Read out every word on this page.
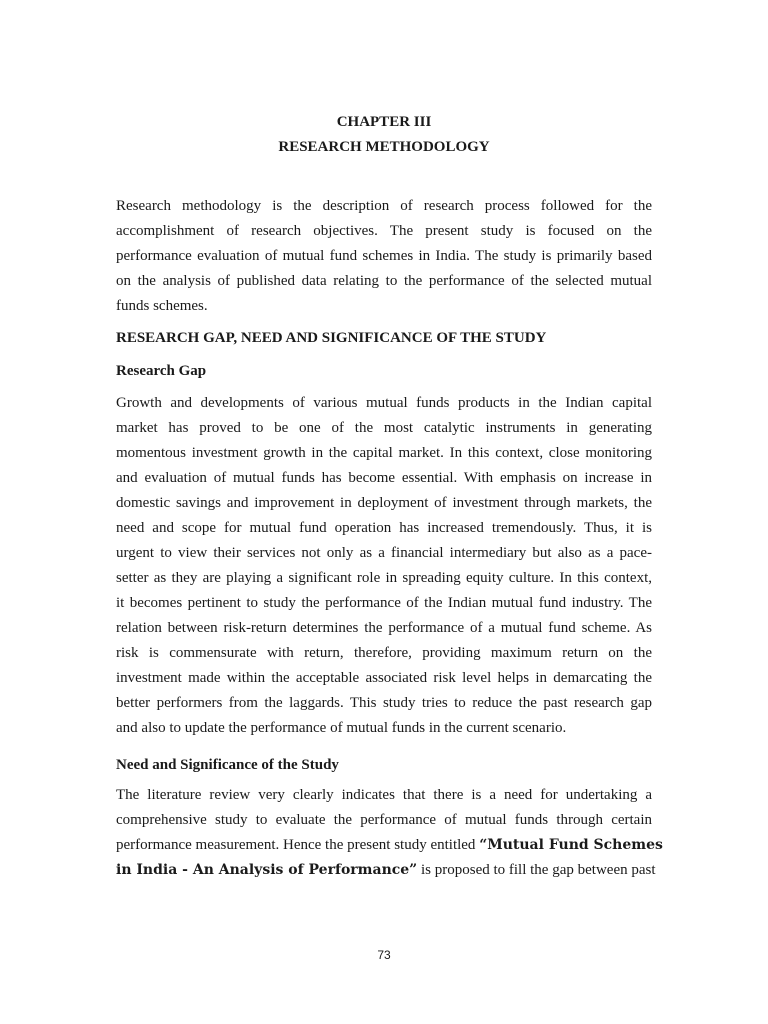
CHAPTER III
RESEARCH METHODOLOGY
Research methodology is the description of research process followed for the
accomplishment of research objectives. The present study is focused on the
performance evaluation of mutual fund schemes in India. The study is primarily based
on the analysis of published data relating to the performance of the selected mutual
funds schemes.
RESEARCH GAP, NEED AND SIGNIFICANCE OF THE STUDY
Research Gap
Growth and developments of various mutual funds products in the Indian capital
market has proved to be one of the most catalytic instruments in generating
momentous investment growth in the capital market. In this context, close monitoring
and evaluation of mutual funds has become essential. With emphasis on increase in
domestic savings and improvement in deployment of investment through markets, the
need and scope for mutual fund operation has increased tremendously. Thus, it is
urgent to view their services not only as a financial intermediary but also as a pace-
setter as they are playing a significant role in spreading equity culture. In this context,
it becomes pertinent to study the performance of the Indian mutual fund industry. The
relation between risk-return determines the performance of a mutual fund scheme. As
risk is commensurate with return, therefore, providing maximum return on the
investment made within the acceptable associated risk level helps in demarcating the
better performers from the laggards. This study tries to reduce the past research gap
and also to update the performance of mutual funds in the current scenario.
Need and Significance of the Study
The literature review very clearly indicates that there is a need for undertaking a
comprehensive study to evaluate the performance of mutual funds through certain
performance measurement. Hence the present study entitled “Mutual Fund Schemes
in India - An Analysis of Performance” is proposed to fill the gap between past
73
